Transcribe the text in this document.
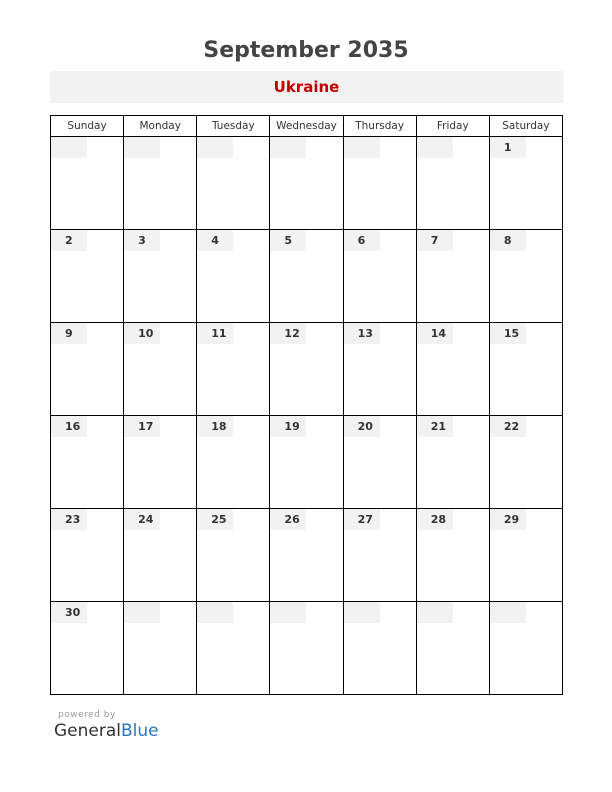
September 2035
Ukraine
Sunday	Monday	Tuesday	Wednesday	Thursday	Friday	Saturday

						1

2	3	4	5	6	7	8

9	10	11	12	13	14	15

16	17	18	19	20	21	22

23	24	25	26	27	28	29

30						

powered by
GeneralBlue
